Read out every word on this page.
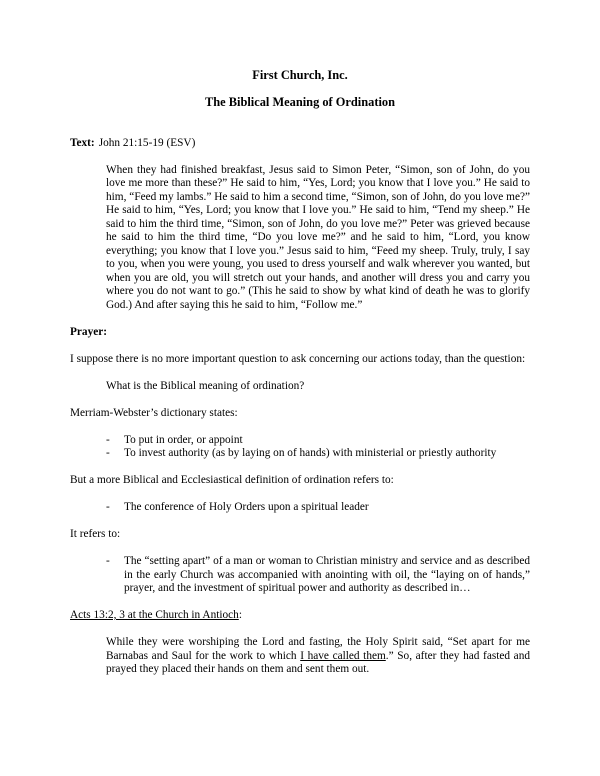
First Church, Inc.
The Biblical Meaning of Ordination

Text: John 21:15-19 (ESV)

When they had finished breakfast, Jesus said to Simon Peter, “Simon, son of John, do you love me more than these?” He said to him, “Yes, Lord; you know that I love you.” He said to him, “Feed my lambs.” He said to him a second time, “Simon, son of John, do you love me?” He said to him, “Yes, Lord; you know that I love you.” He said to him, “Tend my sheep.” He said to him the third time, “Simon, son of John, do you love me?” Peter was grieved because he said to him the third time, “Do you love me?” and he said to him, “Lord, you know everything; you know that I love you.” Jesus said to him, “Feed my sheep. Truly, truly, I say to you, when you were young, you used to dress yourself and walk wherever you wanted, but when you are old, you will stretch out your hands, and another will dress you and carry you where you do not want to go.” (This he said to show by what kind of death he was to glorify God.) And after saying this he said to him, “Follow me.”

Prayer:

I suppose there is no more important question to ask concerning our actions today, than the question:

What is the Biblical meaning of ordination?

Merriam-Webster’s dictionary states:

-	To put in order, or appoint
-	To invest authority (as by laying on of hands) with ministerial or priestly authority

But a more Biblical and Ecclesiastical definition of ordination refers to:

-	The conference of Holy Orders upon a spiritual leader

It refers to:

-	The “setting apart” of a man or woman to Christian ministry and service and as described in the early Church was accompanied with anointing with oil, the “laying on of hands,” prayer, and the investment of spiritual power and authority as described in…

Acts 13:2, 3 at the Church in Antioch:

While they were worshiping the Lord and fasting, the Holy Spirit said, “Set apart for me Barnabas and Saul for the work to which I have called them.” So, after they had fasted and prayed they placed their hands on them and sent them out.
